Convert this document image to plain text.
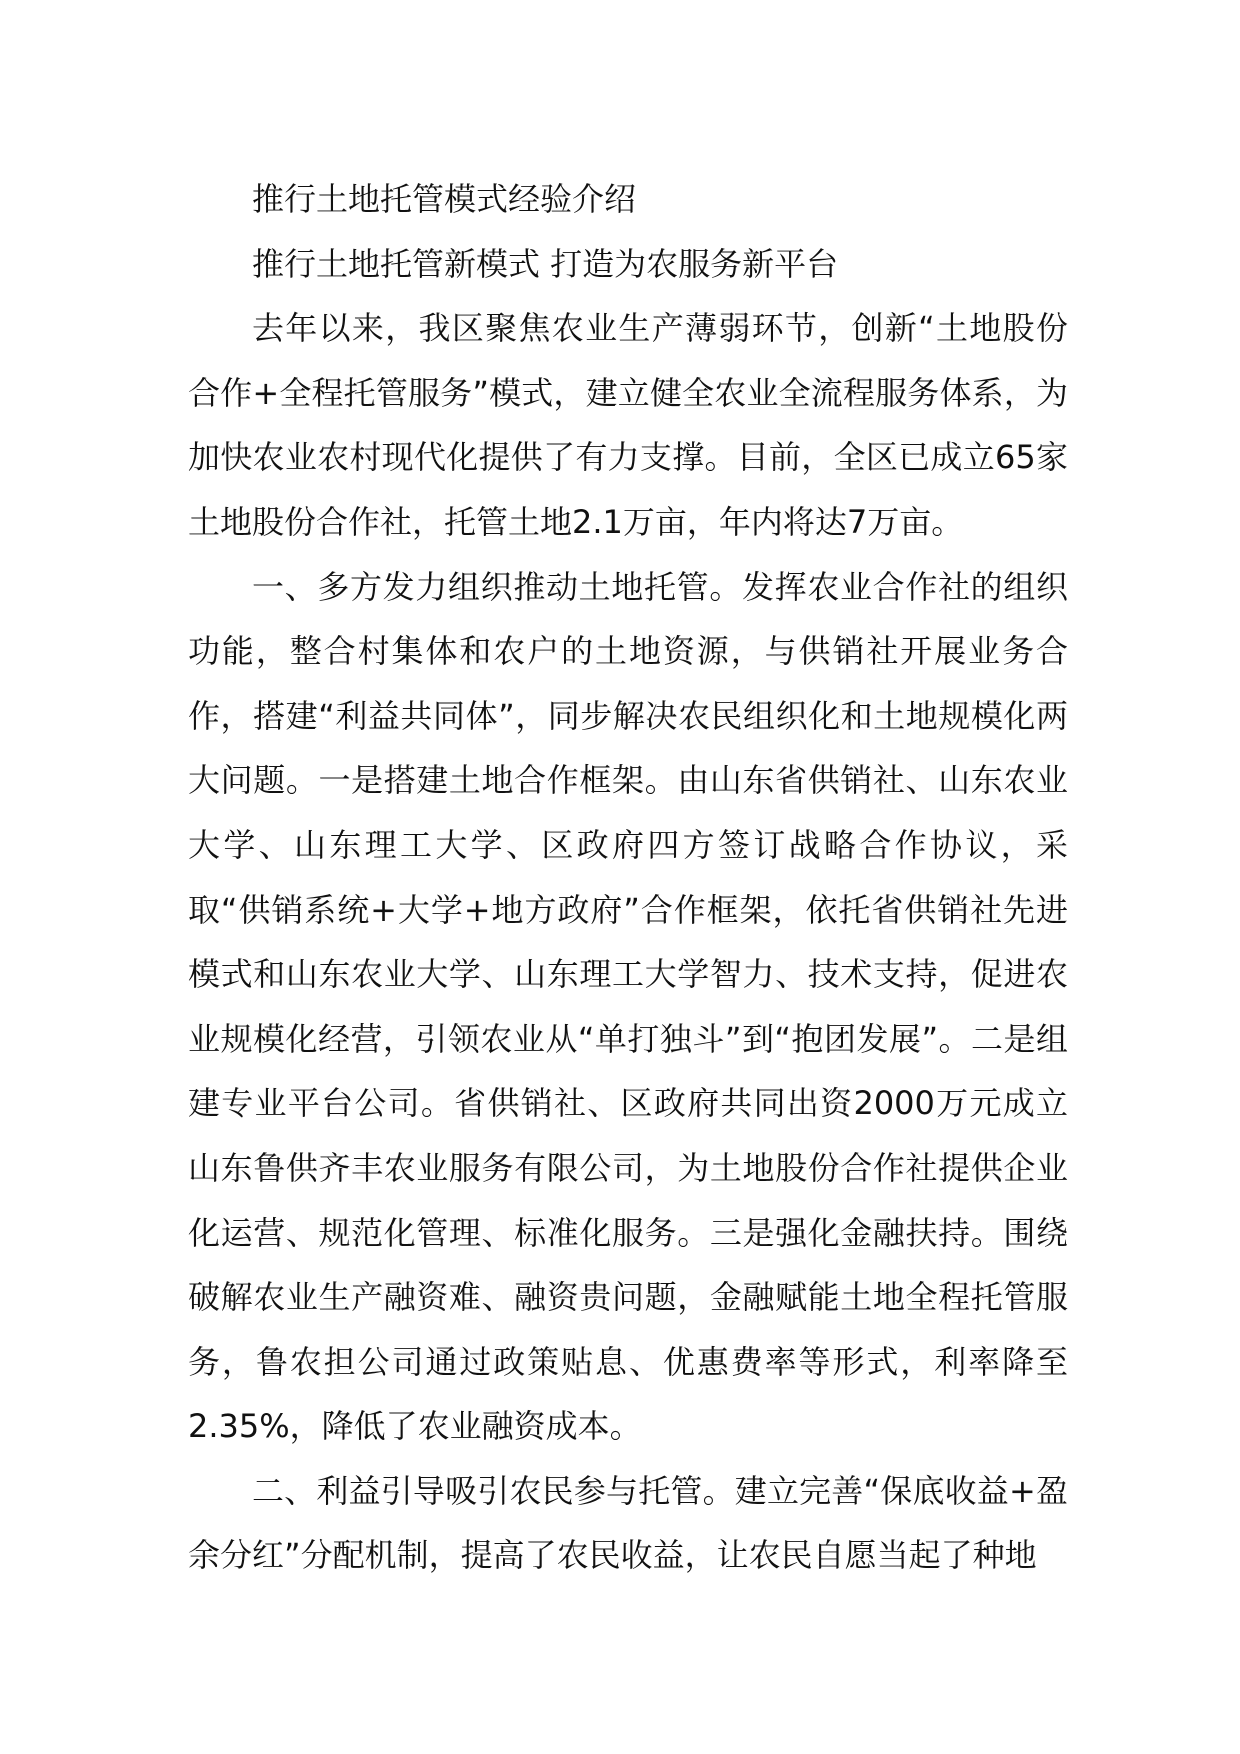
推行土地托管模式经验介绍

推行土地托管新模式 打造为农服务新平台

去年以来，我区聚焦农业生产薄弱环节，创新“土地股份合作+全程托管服务”模式，建立健全农业全流程服务体系，为加快农业农村现代化提供了有力支撑。目前，全区已成立65家土地股份合作社，托管土地2.1万亩，年内将达7万亩。

一、多方发力组织推动土地托管。发挥农业合作社的组织功能，整合村集体和农户的土地资源，与供销社开展业务合作，搭建“利益共同体”，同步解决农民组织化和土地规模化两大问题。一是搭建土地合作框架。由山东省供销社、山东农业大学、山东理工大学、区政府四方签订战略合作协议，采取“供销系统+大学+地方政府”合作框架，依托省供销社先进模式和山东农业大学、山东理工大学智力、技术支持，促进农业规模化经营，引领农业从“单打独斗”到“抱团发展”。二是组建专业平台公司。省供销社、区政府共同出资2000万元成立山东鲁供齐丰农业服务有限公司，为土地股份合作社提供企业化运营、规范化管理、标准化服务。三是强化金融扶持。围绕破解农业生产融资难、融资贵问题，金融赋能土地全程托管服务，鲁农担公司通过政策贴息、优惠费率等形式，利率降至2.35%，降低了农业融资成本。

二、利益引导吸引农民参与托管。建立完善“保底收益+盈余分红”分配机制，提高了农民收益，让农民自愿当起了种地
